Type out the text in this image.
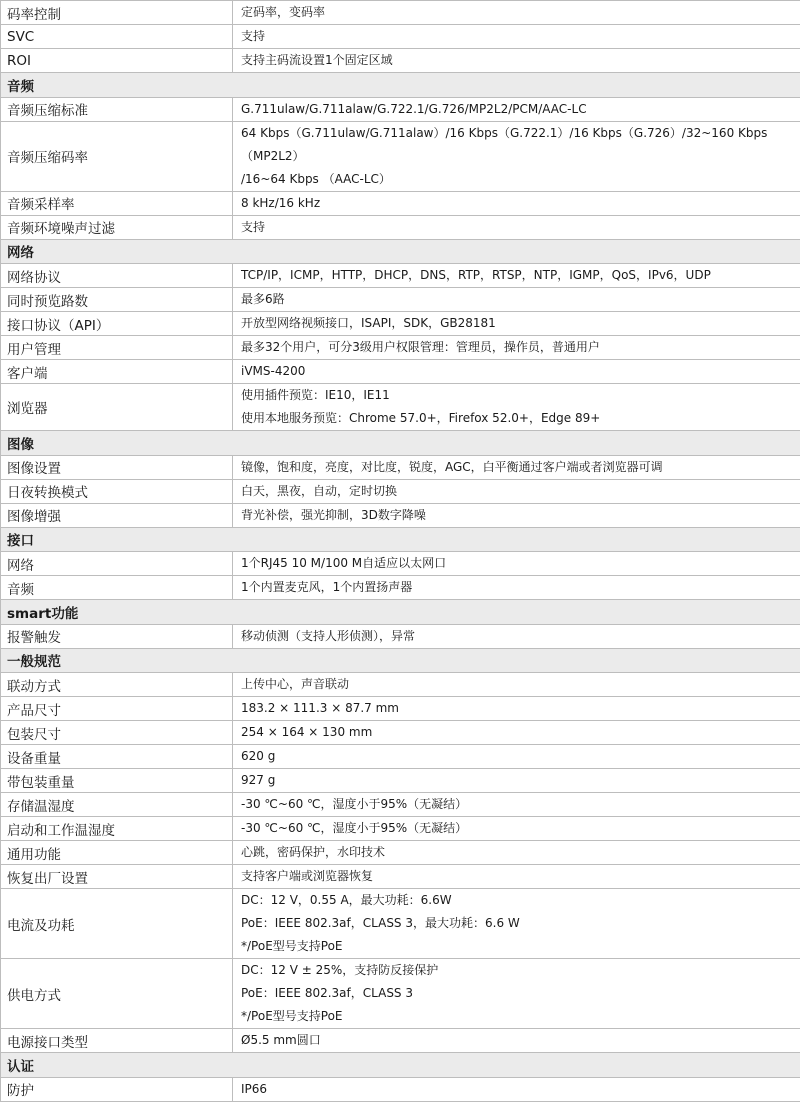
码率控制	定码率，变码率

SVC	支持

ROI	支持主码流设置1个固定区域

音频	
音频压缩标准	G.711ulaw/G.711alaw/G.722.1/G.726/MP2L2/PCM/AAC-LC

音频压缩码率	64 Kbps（G.711ulaw/G.711alaw）/16 Kbps（G.722.1）/16 Kbps（G.726）/32~160 Kbps（MP2L2）
/16~64 Kbps （AAC-LC）

音频采样率	8 kHz/16 kHz

音频环境噪声过滤	支持

网络	
网络协议	TCP/IP，ICMP，HTTP，DHCP，DNS，RTP，RTSP，NTP，IGMP，QoS，IPv6，UDP

同时预览路数	最多6路

接口协议（API）	开放型网络视频接口，ISAPI，SDK，GB28181

用户管理	最多32个用户，可分3级用户权限管理：管理员，操作员，普通用户

客户端	iVMS-4200

浏览器	使用插件预览：IE10，IE11
使用本地服务预览：Chrome 57.0+，Firefox 52.0+，Edge 89+

图像	
图像设置	镜像，饱和度，亮度，对比度，锐度，AGC，白平衡通过客户端或者浏览器可调

日夜转换模式	白天，黑夜，自动，定时切换

图像增强	背光补偿，强光抑制，3D数字降噪

接口	
网络	1个RJ45 10 M/100 M自适应以太网口

音频	1个内置麦克风，1个内置扬声器

smart功能	
报警触发	移动侦测（支持人形侦测），异常

一般规范	
联动方式	上传中心，声音联动

产品尺寸	183.2 × 111.3 × 87.7 mm

包装尺寸	254 × 164 × 130 mm

设备重量	620 g

带包装重量	927 g

存储温湿度	-30 ℃~60 ℃，湿度小于95%（无凝结）

启动和工作温湿度	-30 ℃~60 ℃，湿度小于95%（无凝结）

通用功能	心跳，密码保护，水印技术

恢复出厂设置	支持客户端或浏览器恢复

电流及功耗	DC：12 V，0.55 A，最大功耗：6.6W
PoE：IEEE 802.3af，CLASS 3，最大功耗：6.6 W
*/PoE型号支持PoE

供电方式	DC：12 V ± 25%，支持防反接保护
PoE：IEEE 802.3af，CLASS 3
*/PoE型号支持PoE

电源接口类型	Ø5.5 mm圆口

认证	
防护	IP66
